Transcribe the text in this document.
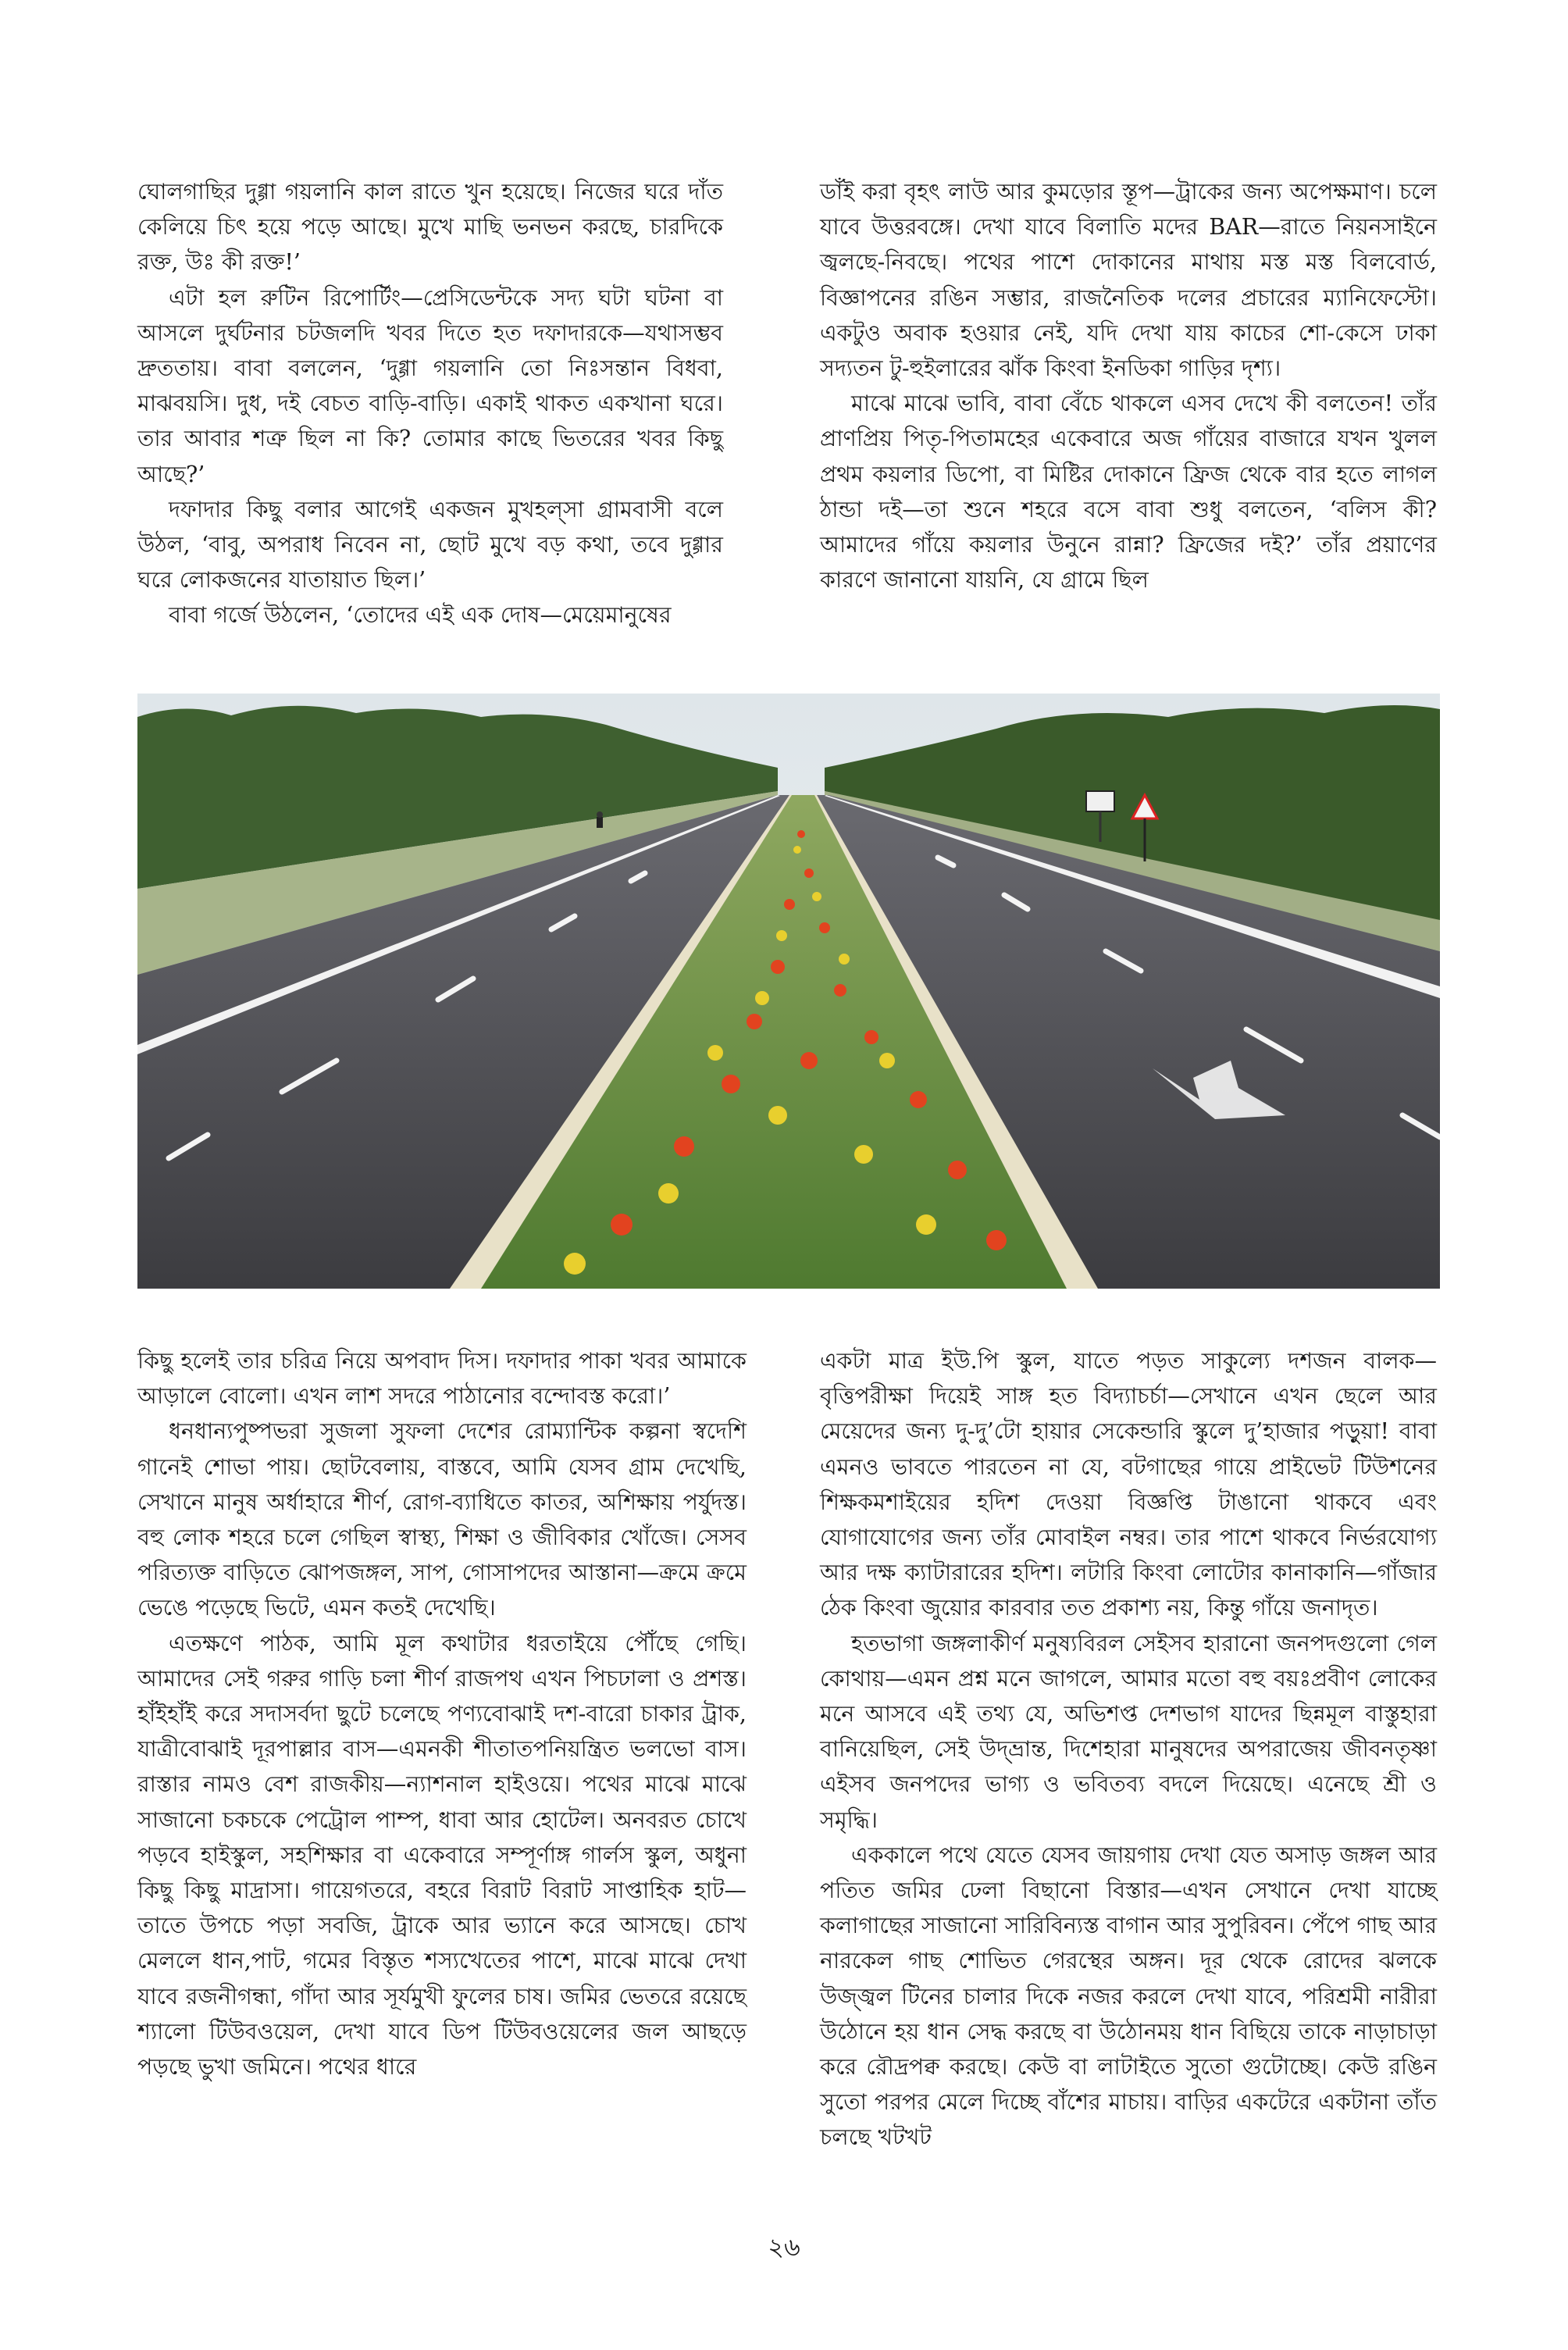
ঘোলগাছির দুগ্গা গয়লানি কাল রাতে খুন হয়েছে। নিজের ঘরে দাঁত কেলিয়ে চিৎ হয়ে পড়ে আছে। মুখে মাছি ভনভন করছে, চারদিকে রক্ত, উঃ কী রক্ত!’

এটা হল রুটিন রিপোর্টিং—প্রেসিডেন্টকে সদ্য ঘটা ঘটনা বা আসলে দুর্ঘটনার চটজলদি খবর দিতে হত দফাদারকে—যথাসম্ভব দ্রুততায়। বাবা বললেন, ‘দুগ্গা গয়লানি তো নিঃসন্তান বিধবা, মাঝবয়সি। দুধ, দই বেচত বাড়ি-বাড়ি। একাই থাকত একখানা ঘরে। তার আবার শত্রু ছিল না কি? তোমার কাছে ভিতরের খবর কিছু আছে?’

দফাদার কিছু বলার আগেই একজন মুখহল্‌সা গ্রামবাসী বলে উঠল, ‘বাবু, অপরাধ নিবেন না, ছোট মুখে বড় কথা, তবে দুগ্গার ঘরে লোকজনের যাতায়াত ছিল।’

বাবা গর্জে উঠলেন, ‘তোদের এই এক দোষ—মেয়েমানুষের

ডাঁই করা বৃহৎ লাউ আর কুমড়োর স্তূপ—ট্রাকের জন্য অপেক্ষমাণ। চলে যাবে উত্তরবঙ্গে। দেখা যাবে বিলাতি মদের BAR—রাতে নিয়নসাইনে জ্বলছে-নিবছে। পথের পাশে দোকানের মাথায় মস্ত মস্ত বিলবোর্ড, বিজ্ঞাপনের রঙিন সম্ভার, রাজনৈতিক দলের প্রচারের ম্যানিফেস্টো। একটুও অবাক হওয়ার নেই, যদি দেখা যায় কাচের শো-কেসে ঢাকা সদ্যতন টু-হুইলারের ঝাঁক কিংবা ইনডিকা গাড়ির দৃশ্য।

মাঝে মাঝে ভাবি, বাবা বেঁচে থাকলে এসব দেখে কী বলতেন! তাঁর প্রাণপ্রিয় পিতৃ-পিতামহের একেবারে অজ গাঁয়ের বাজারে যখন খুলল প্রথম কয়লার ডিপো, বা মিষ্টির দোকানে ফ্রিজ থেকে বার হতে লাগল ঠান্ডা দই—তা শুনে শহরে বসে বাবা শুধু বলতেন, ‘বলিস কী? আমাদের গাঁয়ে কয়লার উনুনে রান্না? ফ্রিজের দই?’ তাঁর প্রয়াণের কারণে জানানো যায়নি, যে গ্রামে ছিল

কিছু হলেই তার চরিত্র নিয়ে অপবাদ দিস। দফাদার পাকা খবর আমাকে আড়ালে বোলো। এখন লাশ সদরে পাঠানোর বন্দোবস্ত করো।’

ধনধান্যপুষ্পভরা সুজলা সুফলা দেশের রোম্যান্টিক কল্পনা স্বদেশি গানেই শোভা পায়। ছোটবেলায়, বাস্তবে, আমি যেসব গ্রাম দেখেছি, সেখানে মানুষ অর্ধাহারে শীর্ণ, রোগ-ব্যাধিতে কাতর, অশিক্ষায় পর্যুদস্ত। বহু লোক শহরে চলে গেছিল স্বাস্থ্য, শিক্ষা ও জীবিকার খোঁজে। সেসব পরিত্যক্ত বাড়িতে ঝোপজঙ্গল, সাপ, গোসাপদের আস্তানা—ক্রমে ক্রমে ভেঙে পড়েছে ভিটে, এমন কতই দেখেছি।

এতক্ষণে পাঠক, আমি মূল কথাটার ধরতাইয়ে পৌঁছে গেছি। আমাদের সেই গরুর গাড়ি চলা শীর্ণ রাজপথ এখন পিচঢালা ও প্রশস্ত। হাঁইহাঁই করে সদাসর্বদা ছুটে চলেছে পণ্যবোঝাই দশ-বারো চাকার ট্রাক, যাত্রীবোঝাই দূরপাল্লার বাস—এমনকী শীতাতপনিয়ন্ত্রিত ভলভো বাস। রাস্তার নামও বেশ রাজকীয়—ন্যাশনাল হাইওয়ে। পথের মাঝে মাঝে সাজানো চকচকে পেট্রোল পাম্প, ধাবা আর হোটেল। অনবরত চোখে পড়বে হাইস্কুল, সহশিক্ষার বা একেবারে সম্পূর্ণাঙ্গ গার্লস স্কুল, অধুনা কিছু কিছু মাদ্রাসা। গায়েগতরে, বহরে বিরাট বিরাট সাপ্তাহিক হাট—তাতে উপচে পড়া সবজি, ট্রাকে আর ভ্যানে করে আসছে। চোখ মেললে ধান,পাট, গমের বিস্তৃত শস্যখেতের পাশে, মাঝে মাঝে দেখা যাবে রজনীগন্ধা, গাঁদা আর সূর্যমুখী ফুলের চাষ। জমির ভেতরে রয়েছে শ্যালো টিউবওয়েল, দেখা যাবে ডিপ টিউবওয়েলের জল আছড়ে পড়ছে ভুখা জমিনে। পথের ধারে

একটা মাত্র ইউ.পি স্কুল, যাতে পড়ত সাকুল্যে দশজন বালক—বৃত্তিপরীক্ষা দিয়েই সাঙ্গ হত বিদ্যাচর্চা—সেখানে এখন ছেলে আর মেয়েদের জন্য দু-দু’টো হায়ার সেকেন্ডারি স্কুলে দু’হাজার পড়ুয়া! বাবা এমনও ভাবতে পারতেন না যে, বটগাছের গায়ে প্রাইভেট টিউশনের শিক্ষকমশাইয়ের হদিশ দেওয়া বিজ্ঞপ্তি টাঙানো থাকবে এবং যোগাযোগের জন্য তাঁর মোবাইল নম্বর। তার পাশে থাকবে নির্ভরযোগ্য আর দক্ষ ক্যাটারারের হদিশ। লটারি কিংবা লোটোর কানাকানি—গাঁজার ঠেক কিংবা জুয়োর কারবার তত প্রকাশ্য নয়, কিন্তু গাঁয়ে জনাদৃত।

হতভাগা জঙ্গলাকীর্ণ মনুষ্যবিরল সেইসব হারানো জনপদগুলো গেল কোথায়—এমন প্রশ্ন মনে জাগলে, আমার মতো বহু বয়ঃপ্রবীণ লোকের মনে আসবে এই তথ্য যে, অভিশপ্ত দেশভাগ যাদের ছিন্নমূল বাস্তুহারা বানিয়েছিল, সেই উদ্‌ভ্রান্ত, দিশেহারা মানুষদের অপরাজেয় জীবনতৃষ্ণা এইসব জনপদের ভাগ্য ও ভবিতব্য বদলে দিয়েছে। এনেছে শ্রী ও সমৃদ্ধি।

এককালে পথে যেতে যেসব জায়গায় দেখা যেত অসাড় জঙ্গল আর পতিত জমির ঢেলা বিছানো বিস্তার—এখন সেখানে দেখা যাচ্ছে কলাগাছের সাজানো সারিবিন্যস্ত বাগান আর সুপুরিবন। পেঁপে গাছ আর নারকেল গাছ শোভিত গেরস্থের অঙ্গন। দূর থেকে রোদের ঝলকে উজ্জ্বল টিনের চালার দিকে নজর করলে দেখা যাবে, পরিশ্রমী নারীরা উঠোনে হয় ধান সেদ্ধ করছে বা উঠোনময় ধান বিছিয়ে তাকে নাড়াচাড়া করে রৌদ্রপক্ব করছে। কেউ বা লাটাইতে সুতো গুটোচ্ছে। কেউ রঙিন সুতো পরপর মেলে দিচ্ছে বাঁশের মাচায়। বাড়ির একটেরে একটানা তাঁত চলছে খটখট

২৬
